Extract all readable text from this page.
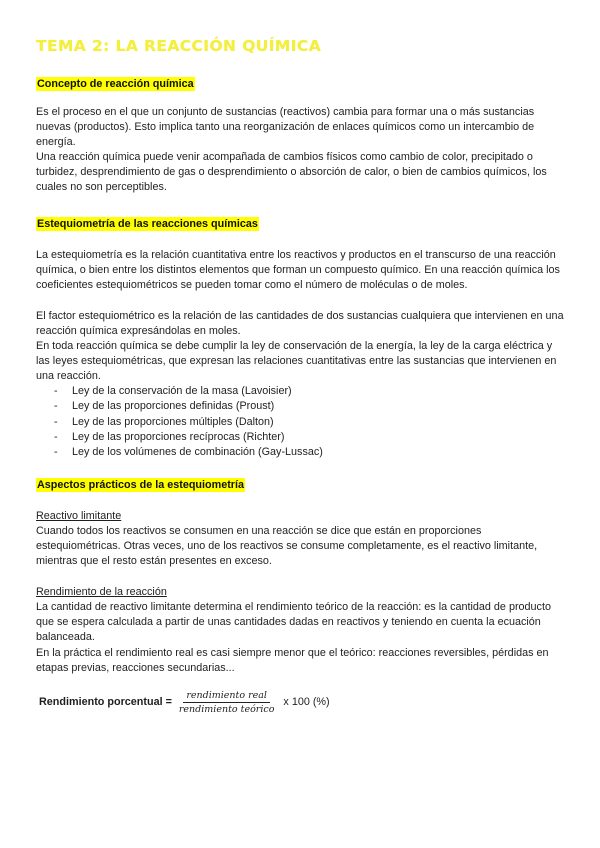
TEMA 2: LA REACCIÓN QUÍMICA
Concepto de reacción química

Es el proceso en el que un conjunto de sustancias (reactivos) cambia para formar una o más sustancias nuevas (productos). Esto implica tanto una reorganización de enlaces químicos como un intercambio de energía.

Una reacción química puede venir acompañada de cambios físicos como cambio de color, precipitado o turbidez, desprendimiento de gas o desprendimiento o absorción de calor, o bien de cambios químicos, los cuales no son perceptibles.

Estequiometría de las reacciones químicas

La estequiometría es la relación cuantitativa entre los reactivos y productos en el transcurso de una reacción química, o bien entre los distintos elementos que forman un compuesto químico. En una reacción química los coeficientes estequiométricos se pueden tomar como el número de moléculas o de moles.

El factor estequiométrico es la relación de las cantidades de dos sustancias cualquiera que intervienen en una reacción química expresándolas en moles.

En toda reacción química se debe cumplir la ley de conservación de la energía, la ley de la carga eléctrica y las leyes estequiométricas, que expresan las relaciones cuantitativas entre las sustancias que intervienen en una reacción.

- Ley de la conservación de la masa (Lavoisier)
- Ley de las proporciones definidas (Proust)
- Ley de las proporciones múltiples (Dalton)
- Ley de las proporciones recíprocas (Richter)
- Ley de los volúmenes de combinación (Gay-Lussac)
Aspectos prácticos de la estequiometría
Reactivo limitante

Cuando todos los reactivos se consumen en una reacción se dice que están en proporciones estequiométricas. Otras veces, uno de los reactivos se consume completamente, es el reactivo limitante, mientras que el resto están presentes en exceso.

Rendimiento de la reacción

La cantidad de reactivo limitante determina el rendimiento teórico de la reacción: es la cantidad de producto que se espera calculada a partir de unas cantidades dadas en reactivos y teniendo en cuenta la ecuación balanceada.

En la práctica el rendimiento real es casi siempre menor que el teórico: reacciones reversibles, pérdidas en etapas previas, reacciones secundarias...

Rendimiento porcentual = $\frac{\text{rendimiento real}}{\text{rendimiento teórico}}$ x 100 (%)
